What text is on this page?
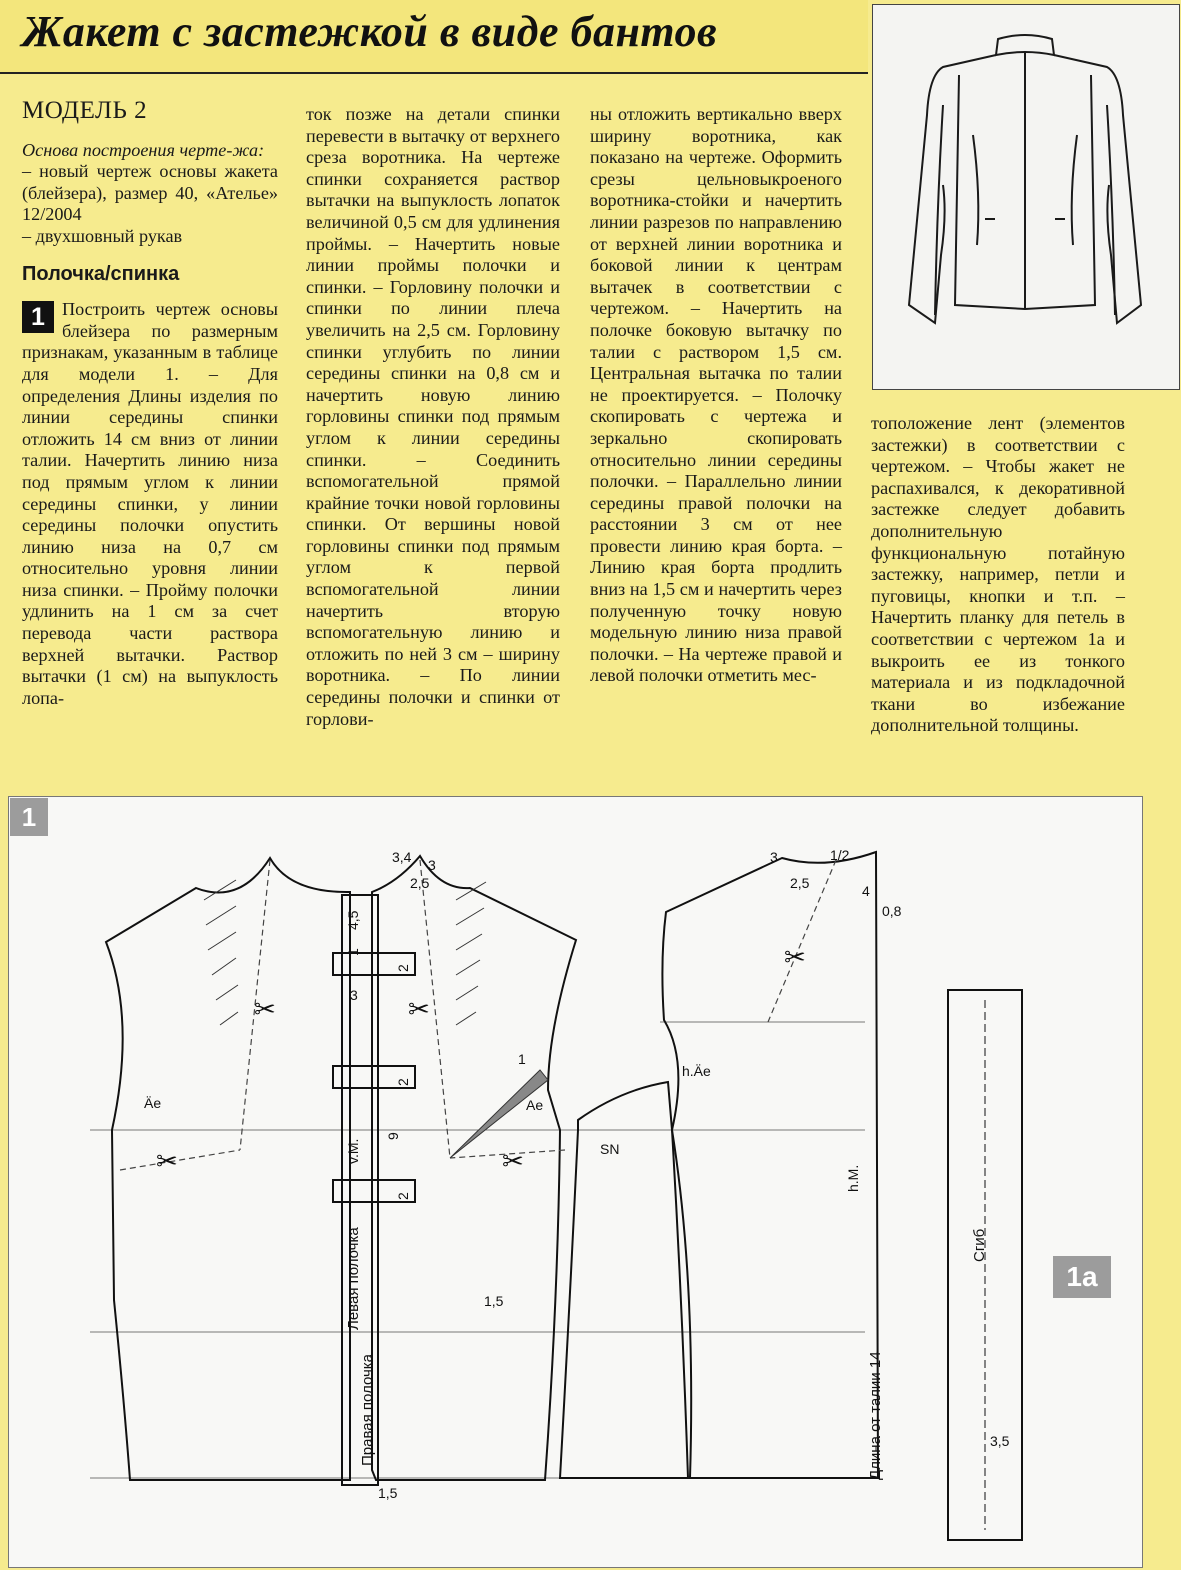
Жакет с застежкой в виде бантов

МОДЕЛЬ 2

Основа построения черте-жа:

– новый чертеж основы жакета (блейзера), размер 40, «Ателье» 12/2004

– двухшовный рукав

Полочка/спинка

1 Построить чертеж основы блейзера по размерным признакам, указанным в таблице для модели 1. – Для определения Длины изделия по линии середины спинки отложить 14 см вниз от линии талии. Начертить линию низа под прямым углом к линии середины спинки, у линии середины полочки опустить линию низа на 0,7 см относительно уровня линии низа спинки. – Пройму полочки удлинить на 1 см за счет перевода части раствора верхней вытачки. Раствор вытачки (1 см) на выпуклость лопа-

ток позже на детали спинки перевести в вытачку от верхнего среза воротника. На чертеже спинки сохраняется раствор вытачки на выпуклость лопаток величиной 0,5 см для удлинения проймы. – Начертить новые линии проймы полочки и спинки. – Горловину полочки и спинки по линии плеча увеличить на 2,5 см. Горловину спинки углубить по линии середины спинки на 0,8 см и начертить новую линию горловины спинки под прямым углом к линии середины спинки. – Соединить вспомогательной прямой крайние точки новой горловины спинки. От вершины новой горловины спинки под прямым углом к первой вспомогательной линии начертить вторую вспомогательную линию и отложить по ней 3 см – ширину воротника. – По линии середины полочки и спинки от горлови-

ны отложить вертикально вверх ширину воротника, как показано на чертеже. Оформить срезы цельновыкроеного воротника-стойки и начертить линии разрезов по направлению от верхней линии воротника и боковой линии к центрам вытачек в соответствии с чертежом. – Начертить на полочке боковую вытачку по талии с раствором 1,5 см. Центральная вытачка по талии не проектируется. – Полочку скопировать с чертежа и зеркально скопировать относительно линии середины полочки. – Параллельно линии середины правой полочки на расстоянии 3 см от нее провести линию края борта. – Линию края борта продлить вниз на 1,5 см и начертить через полученную точку новую модельную линию низа правой полочки. – На чертеже правой и левой полочки отметить мес-

тоположение лент (элементов застежки) в соответствии с чертежом. – Чтобы жакет не распахивался, к декоративной застежке следует добавить дополнительную функциональную потайную застежку, например, петли и пуговицы, кнопки и т.п. – Начертить планку для петель в соответствии с чертежом 1а и выкроить ее из тонкого материала и из подкладочной ткани во избежание дополнительной толщины.

1
✂	✂
✂	✂
✂
Äe	Ae
h.Äe
SN
3,4
2,5
3
3
1
1,5
1,5
3
2,5
1/2
4
0,8
3,5
4,5
1
2
2
2
9
v.M.
h.M.
Левая полочка
Правая полочка	Длина от талии 14
Сгиб
1а
